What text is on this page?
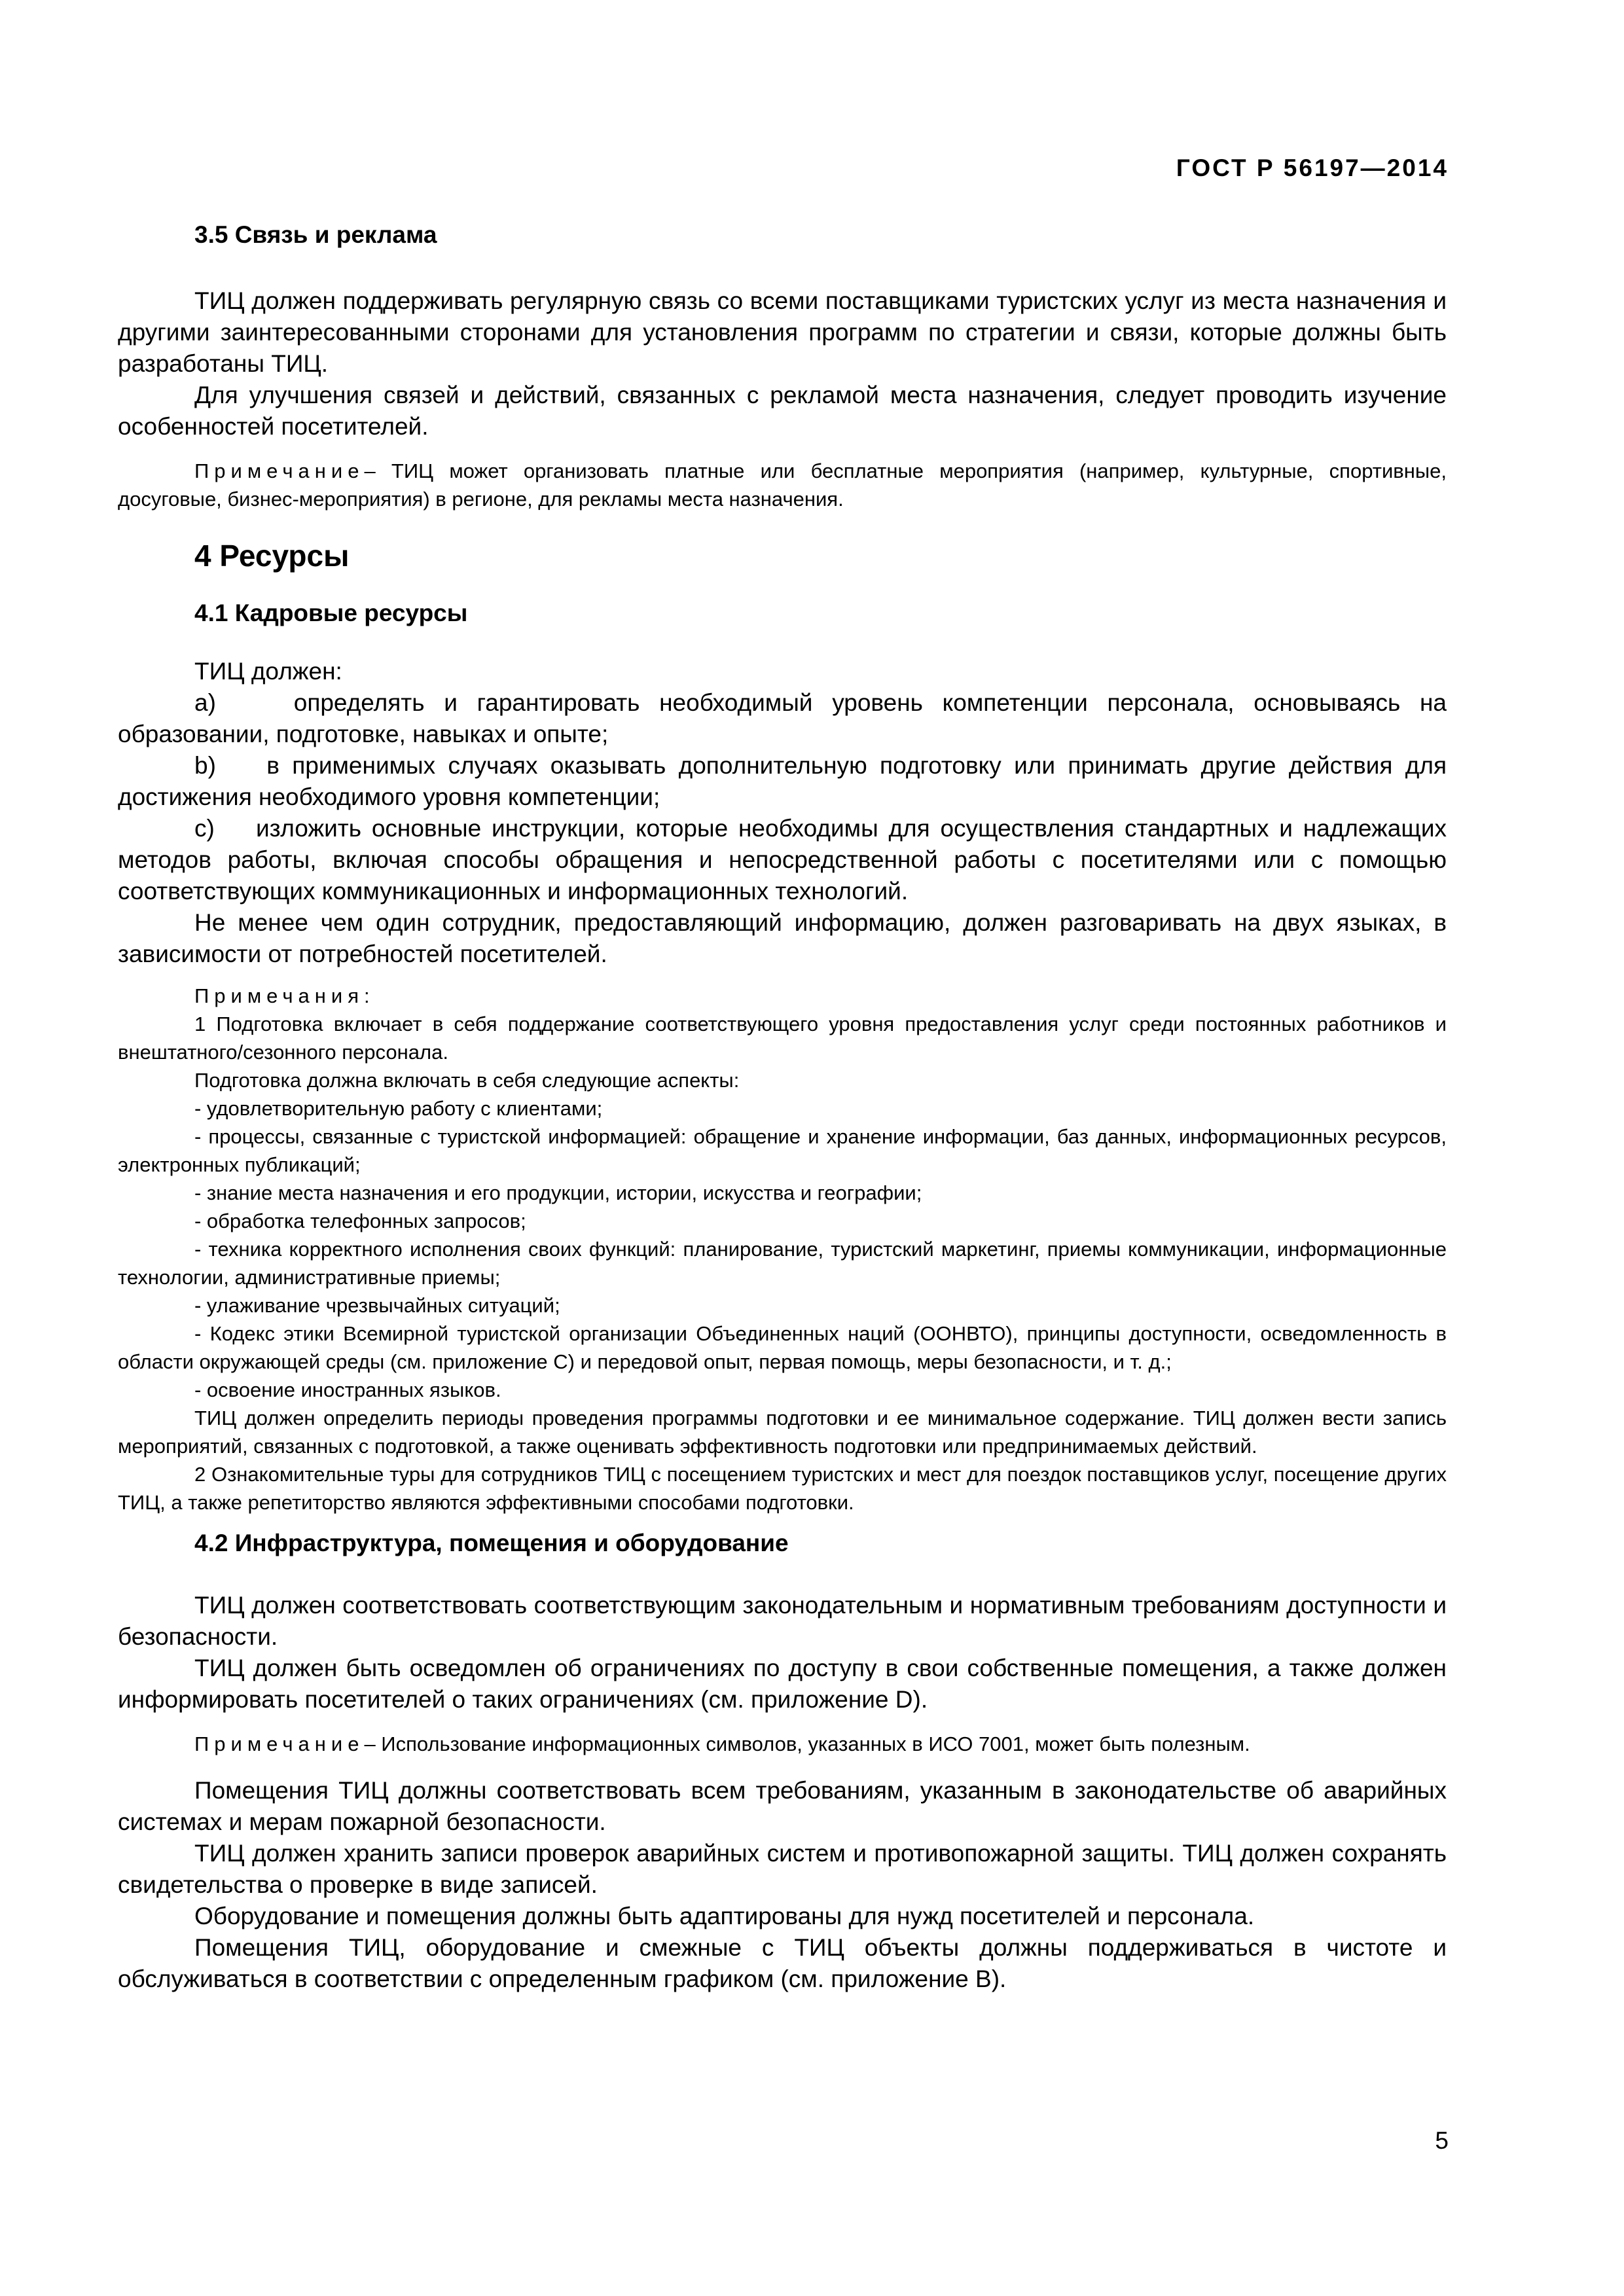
ГОСТ Р 56197—2014

3.5 Связь и реклама

ТИЦ должен поддерживать регулярную связь со всеми поставщиками туристских услуг из места назначения и другими заинтересованными сторонами для установления программ по стратегии и связи, которые должны быть разработаны ТИЦ.

Для улучшения связей и действий, связанных с рекламой места назначения, следует проводить изучение особенностей посетителей.

Примечание– ТИЦ может организовать платные или бесплатные мероприятия (например, культурные, спортивные, досуговые, бизнес-мероприятия) в регионе, для рекламы места назначения.

4 Ресурсы

4.1 Кадровые ресурсы

ТИЦ должен:

а)    определять и гарантировать необходимый уровень компетенции персонала, основываясь на образовании, подготовке, навыках и опыте;

b)    в применимых случаях оказывать дополнительную подготовку или принимать другие действия для достижения необходимого уровня компетенции;

с)    изложить основные инструкции, которые необходимы для осуществления стандартных и надлежащих методов работы, включая способы обращения и непосредственной работы с посетителями или с помощью соответствующих коммуникационных и информационных технологий.

Не менее чем один сотрудник, предоставляющий информацию, должен разговаривать на двух языках, в зависимости от потребностей посетителей.

Примечания:

1 Подготовка включает в себя поддержание соответствующего уровня предоставления услуг среди постоянных работников и внештатного/сезонного персонала.

Подготовка должна включать в себя следующие аспекты:

- удовлетворительную работу с клиентами;

- процессы, связанные с туристской информацией: обращение и хранение информации, баз данных, информационных ресурсов, электронных публикаций;

- знание места назначения и его продукции, истории, искусства и географии;

- обработка телефонных запросов;

- техника корректного исполнения своих функций: планирование, туристский маркетинг, приемы коммуникации, информационные технологии, административные приемы;

- улаживание чрезвычайных ситуаций;

- Кодекс этики Всемирной туристской организации Объединенных наций (ООНВТО), принципы доступности, осведомленность в области окружающей среды (см. приложение С) и передовой опыт, первая помощь, меры безопасности, и т. д.;

- освоение иностранных языков.

ТИЦ должен определить периоды проведения программы подготовки и ее минимальное содержание. ТИЦ должен вести запись мероприятий, связанных с подготовкой, а также оценивать эффективность подготовки или предпринимаемых действий.

2 Ознакомительные туры для сотрудников ТИЦ с посещением туристских и мест для поездок поставщиков услуг, посещение других ТИЦ, а также репетиторство являются эффективными способами подготовки.

4.2 Инфраструктура, помещения и оборудование

ТИЦ должен соответствовать соответствующим законодательным и нормативным требованиям доступности и безопасности.

ТИЦ должен быть осведомлен об ограничениях по доступу в свои собственные помещения, а также должен информировать посетителей о таких ограничениях (см. приложение D).

Примечание– Использование информационных символов, указанных в ИСО 7001, может быть полезным.

Помещения ТИЦ должны соответствовать всем требованиям, указанным в законодательстве об аварийных системах и мерам пожарной безопасности.

ТИЦ должен хранить записи проверок аварийных систем и противопожарной защиты. ТИЦ должен сохранять свидетельства о проверке в виде записей.

Оборудование и помещения должны быть адаптированы для нужд посетителей и персонала.

Помещения ТИЦ, оборудование и смежные с ТИЦ объекты должны поддерживаться в чистоте и обслуживаться в соответствии с определенным графиком (см. приложение В).

5
